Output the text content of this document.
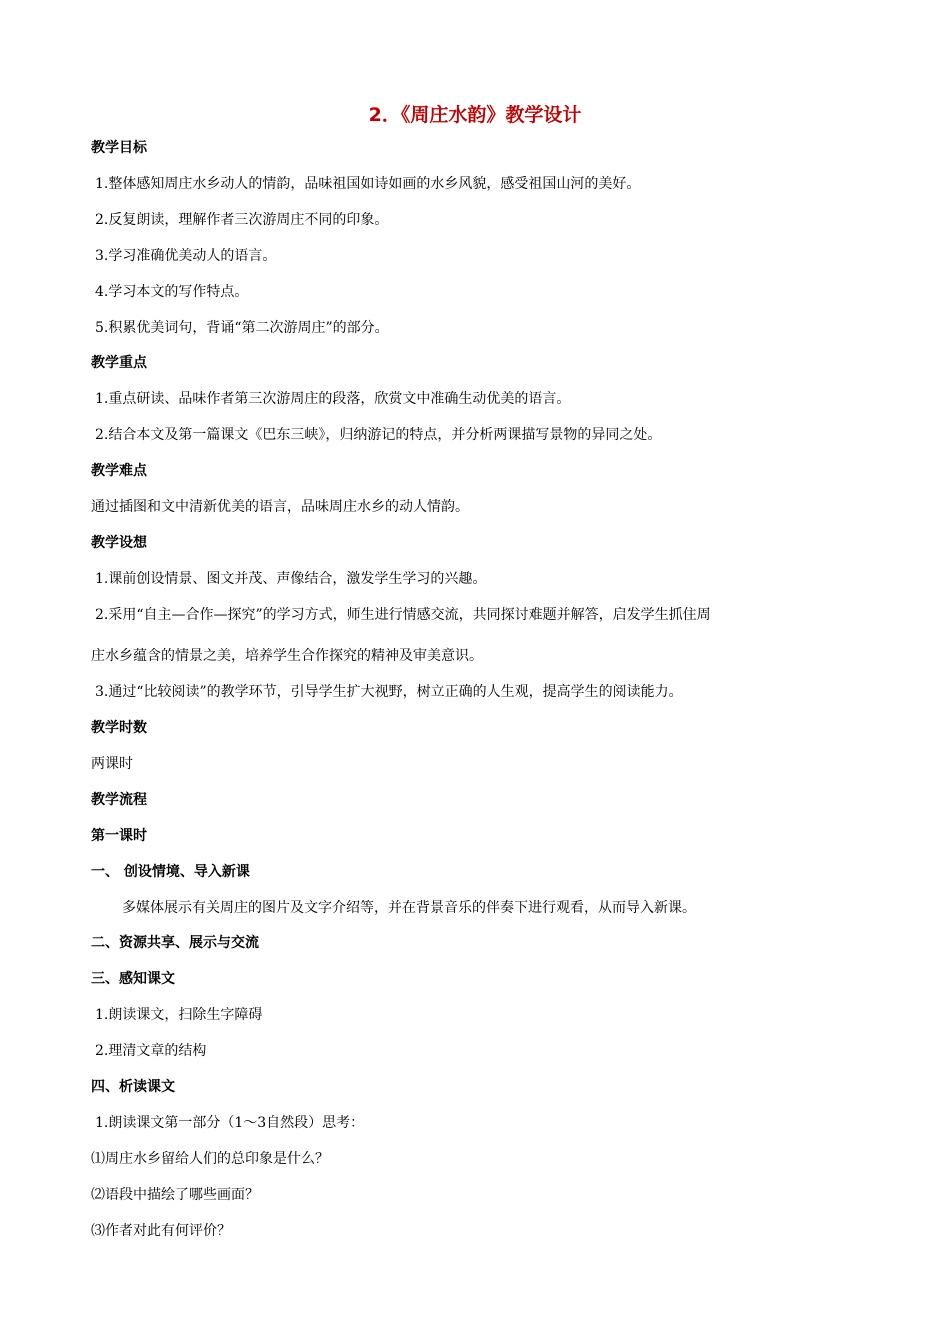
2．《周庄水韵》教学设计
教学目标
1.整体感知周庄水乡动人的情韵，品味祖国如诗如画的水乡风貌，感受祖国山河的美好。
2.反复朗读，理解作者三次游周庄不同的印象。
3.学习准确优美动人的语言。
4.学习本文的写作特点。
5.积累优美词句，背诵“第二次游周庄”的部分。
教学重点
1.重点研读、品味作者第三次游周庄的段落，欣赏文中准确生动优美的语言。
2.结合本文及第一篇课文《巴东三峡》，归纳游记的特点，并分析两课描写景物的异同之处。
教学难点
通过插图和文中清新优美的语言，品味周庄水乡的动人情韵。
教学设想
1.课前创设情景、图文并茂、声像结合，激发学生学习的兴趣。
2.采用“自主—合作—探究”的学习方式，师生进行情感交流，共同探讨难题并解答，启发学生抓住周
庄水乡蕴含的情景之美，培养学生合作探究的精神及审美意识。
3.通过“比较阅读”的教学环节，引导学生扩大视野，树立正确的人生观，提高学生的阅读能力。
教学时数
两课时
教学流程
第一课时
一、 创设情境、导入新课
多媒体展示有关周庄的图片及文字介绍等，并在背景音乐的伴奏下进行观看，从而导入新课。
二、资源共享、展示与交流
三、感知课文
1.朗读课文，扫除生字障碍
2.理清文章的结构
四、析读课文
1.朗读课文第一部分（1～3自然段）思考：
⑴周庄水乡留给人们的总印象是什么？
⑵语段中描绘了哪些画面？
⑶作者对此有何评价？
